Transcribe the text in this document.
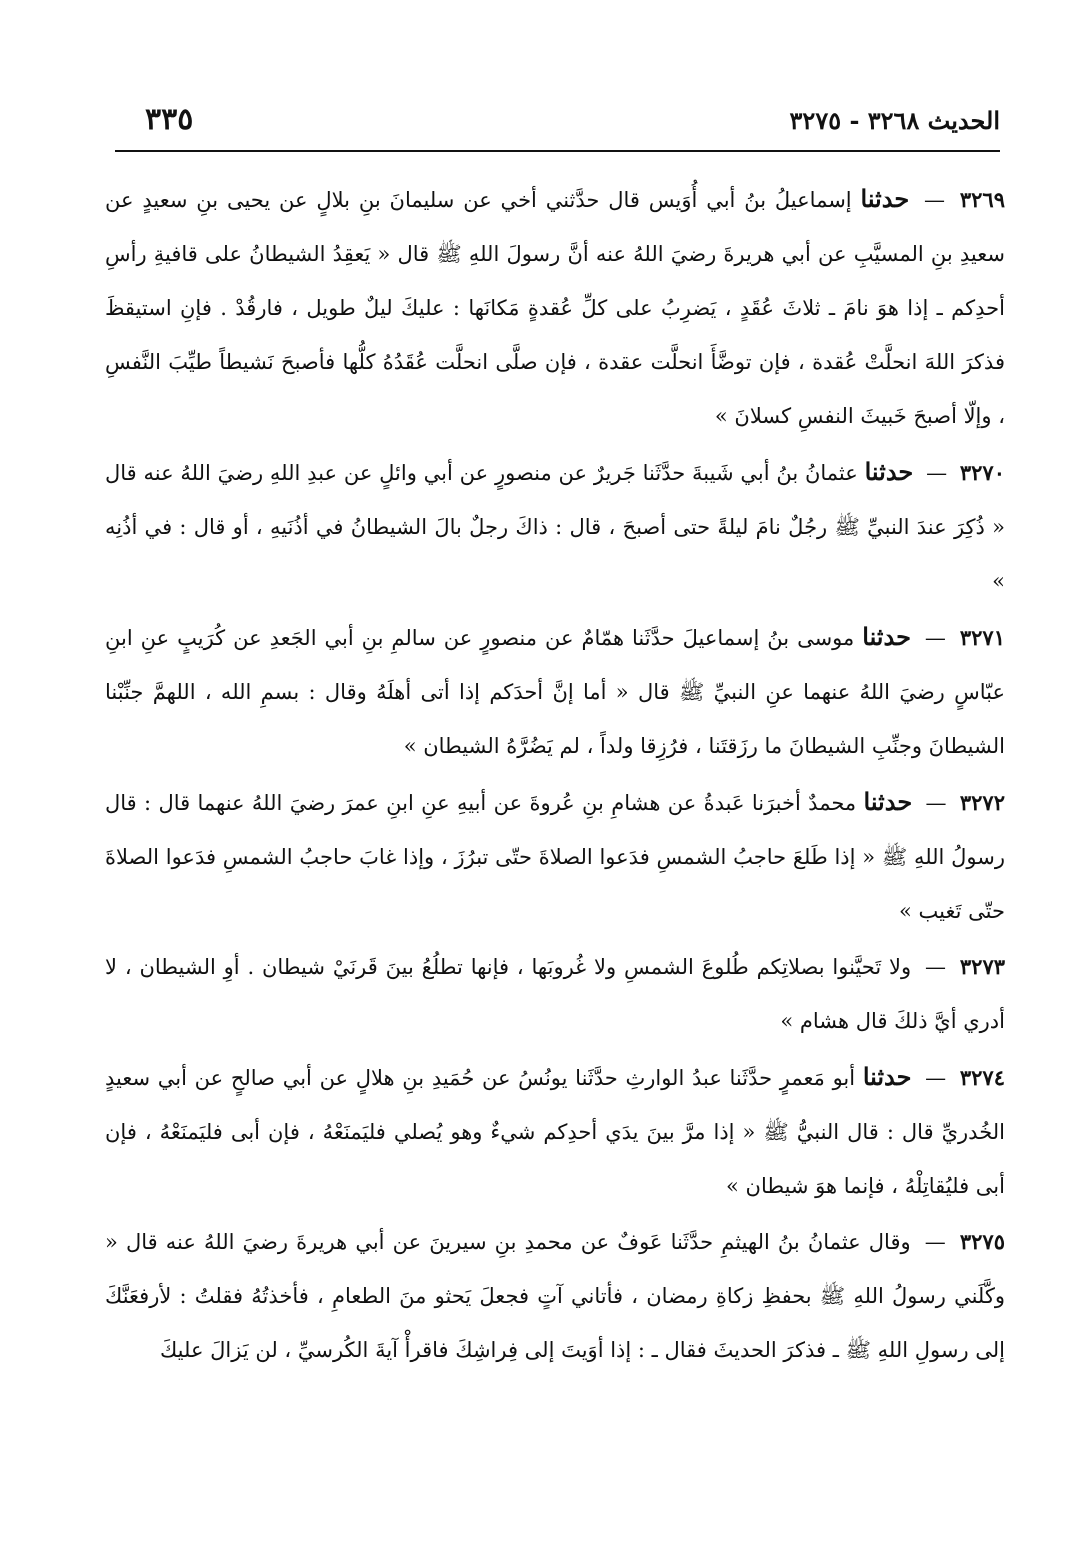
٣٣٥	الحديث ٣٢٦٨ - ٣٢٧٥

٣٢٦٩ — حدثنا إسماعيلُ بنُ أبي أُوَيس قال حدَّثني أخي عن سليمانَ بنِ بلالٍ عن يحيى بنِ سعيدٍ عن سعيدِ بنِ المسيَّبِ عن أبي هريرةَ رضيَ اللهُ عنه أنَّ رسولَ اللهِ ﷺ قال « يَعقِدُ الشيطانُ على قافيةِ رأسِ أحدِكم ـ إذا هوَ نامَ ـ ثلاثَ عُقَدٍ ، يَضرِبُ على كلِّ عُقدةٍ مَكانَها : عليكَ ليلٌ طويل ، فارقُدْ . فإنِ استيقظَ فذكرَ اللهَ انحلَّتْ عُقدة ، فإن توضَّأَ انحلَّت عقدة ، فإن صلَّى انحلَّت عُقَدُهُ كلُّها فأصبحَ نَشيطاً طيِّبَ النَّفسِ ، وإلّا أصبحَ خَبيثَ النفسِ كسلانَ »

٣٢٧٠ — حدثنا عثمانُ بنُ أبي شَيبةَ حدَّثَنا جَريرٌ عن منصورٍ عن أبي وائلٍ عن عبدِ اللهِ رضيَ اللهُ عنه قال « ذُكِرَ عندَ النبيِّ ﷺ رجُلٌ نامَ ليلةً حتى أصبحَ ، قال : ذاكَ رجلٌ بالَ الشيطانُ في أذُنَيهِ ، أو قال : في أذُنِه »

٣٢٧١ — حدثنا موسى بنُ إسماعيلَ حدَّثَنا همّامٌ عن منصورٍ عن سالمِ بنِ أبي الجَعدِ عن كُرَيبٍ عنِ ابنِ عبّاسٍ رضيَ اللهُ عنهما عنِ النبيِّ ﷺ قال « أما إنَّ أحدَكم إذا أتى أهلَهُ وقال : بسمِ الله ، اللهمَّ جنِّبْنا الشيطانَ وجنِّبِ الشيطانَ ما رزَقتَنا ، فرُزِقا ولداً ، لم يَضُرَّهُ الشيطان »

٣٢٧٢ — حدثنا محمدٌ أخبرَنا عَبدةُ عن هشامِ بنِ عُروةَ عن أبيهِ عنِ ابنِ عمرَ رضيَ اللهُ عنهما قال : قال رسولُ اللهِ ﷺ « إذا طَلعَ حاجبُ الشمسِ فدَعوا الصلاةَ حتّى تبرُزَ ، وإذا غابَ حاجبُ الشمسِ فدَعوا الصلاةَ حتّى تَغيب »

٣٢٧٣ — ولا تَحيَّنوا بصلاتِكم طُلوعَ الشمسِ ولا غُروبَها ، فإنها تطلُعُ بينَ قَرنَيْ شيطان . أوِ الشيطان ، لا أدري أيَّ ذلكَ قال هشام »

٣٢٧٤ — حدثنا أبو مَعمرٍ حدَّثَنا عبدُ الوارثِ حدَّثَنا يونُسُ عن حُمَيدِ بنِ هلالٍ عن أبي صالحٍ عن أبي سعيدٍ الخُدريِّ قال : قال النبيُّ ﷺ « إذا مرَّ بينَ يدَي أحدِكم شيءٌ وهو يُصلي فليَمنَعْهُ ، فإن أبى فليَمنَعْهُ ، فإن أبى فليُقاتِلْهُ ، فإنما هوَ شيطان »

٣٢٧٥ — وقال عثمانُ بنُ الهيثمِ حدَّثَنا عَوفٌ عن محمدِ بنِ سيرينَ عن أبي هريرةَ رضيَ اللهُ عنه قال « وكَّلَني رسولُ اللهِ ﷺ بحفظِ زكاةِ رمضان ، فأتاني آتٍ فجعلَ يَحثو منَ الطعامِ ، فأخذتُهُ فقلتُ : لأرفعَنَّكَ إلى رسولِ اللهِ ﷺ ـ فذكرَ الحديثَ فقال ـ : إذا أوَيتَ إلى فِراشِكَ فاقرأْ آيةَ الكُرسيِّ ، لن يَزالَ عليكَ
